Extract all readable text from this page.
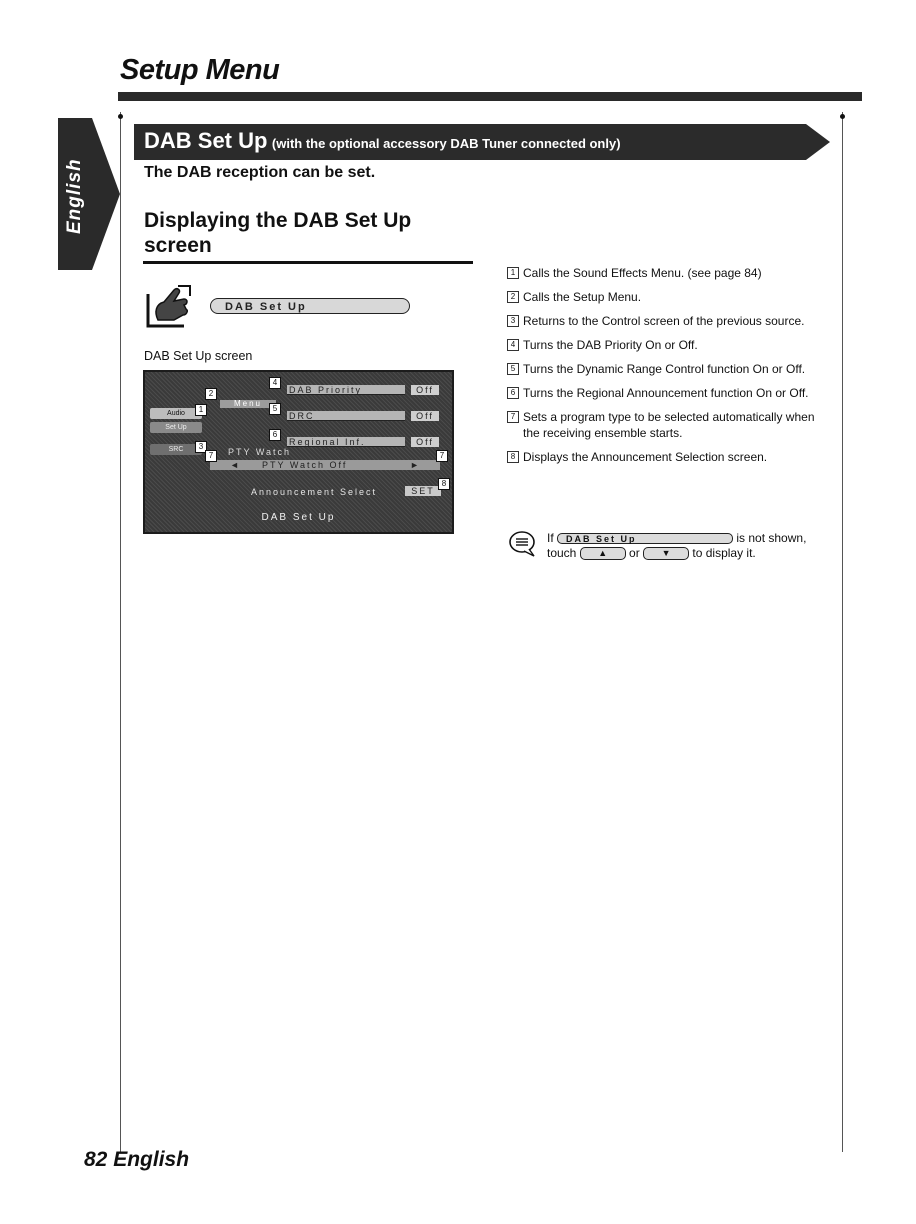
Setup Menu
English
DAB Set Up (with the optional accessory DAB Tuner connected only)
The DAB reception can be set.
Displaying the DAB Set Up screen
DAB Set Up
DAB Set Up screen
Menu
Audio
Set Up
SRC
DAB Priority	Off
DRC	Off
Regional Inf.	Off
PTY Watch
◄	PTY Watch Off	►
Announcement Select	SET
DAB Set Up
1
2
3
4
5
6
7	7
8
1 Calls the Sound Effects Menu. (see page 84)
2 Calls the Setup Menu.
3 Returns to the Control screen of the previous source.
4 Turns the DAB Priority On or Off.
5 Turns the Dynamic Range Control function On or Off.
6 Turns the Regional Announcement function On or Off.
7 Sets a program type to be selected automatically when the receiving ensemble starts.
8 Displays the Announcement Selection screen.
If DAB Set Up	is not shown,
touch ▲ or ▼ to display it.
82 English
